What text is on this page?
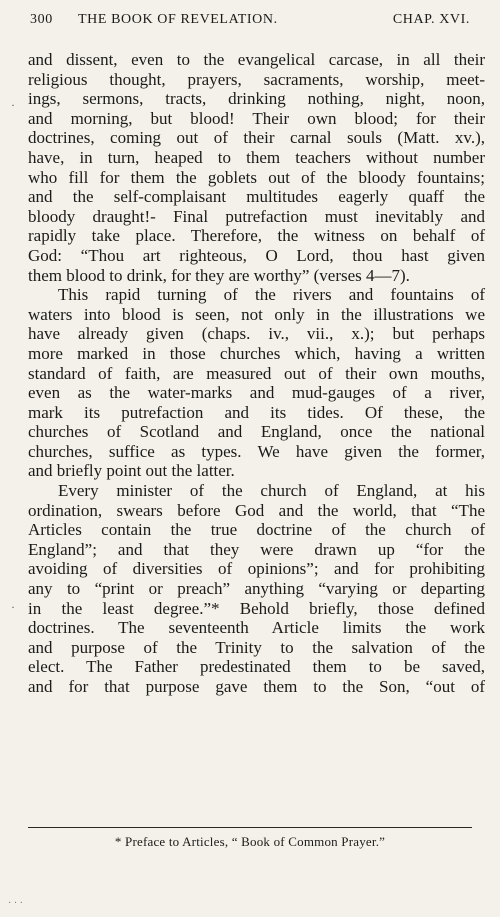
300 THE BOOK OF REVELATION.	CHAP. XVI.
·
·
and dissent, even to the evangelical carcase, in all their
religious thought, prayers, sacraments, worship, meet-
ings, sermons, tracts, drinking nothing, night, noon,
and morning, but blood! Their own blood; for their
doctrines, coming out of their carnal souls (Matt. xv.),
have, in turn, heaped to them teachers without number
who fill for them the goblets out of the bloody fountains;
and the self-complaisant multitudes eagerly quaff the
bloody draught!- Final putrefaction must inevitably and
rapidly take place. Therefore, the witness on behalf of
God: “Thou art righteous, O Lord, thou hast given
them blood to drink, for they are worthy” (verses 4—7).
This rapid turning of the rivers and fountains of
waters into blood is seen, not only in the illustrations we
have already given (chaps. iv., vii., x.); but perhaps
more marked in those churches which, having a written
standard of faith, are measured out of their own mouths,
even as the water-marks and mud-gauges of a river,
mark its putrefaction and its tides. Of these, the
churches of Scotland and England, once the national
churches, suffice as types. We have given the former,
and briefly point out the latter.
Every minister of the church of England, at his
ordination, swears before God and the world, that “The
Articles contain the true doctrine of the church of
England”; and that they were drawn up “for the
avoiding of diversities of opinions”; and for prohibiting
any to “print or preach” anything “varying or departing
in the least degree.”* Behold briefly, those defined
doctrines. The seventeenth Article limits the work
and purpose of the Trinity to the salvation of the
elect. The Father predestinated them to be saved,
and for that purpose gave them to the Son, “out of
* Preface to Articles, “ Book of Common Prayer.”
· · ·
